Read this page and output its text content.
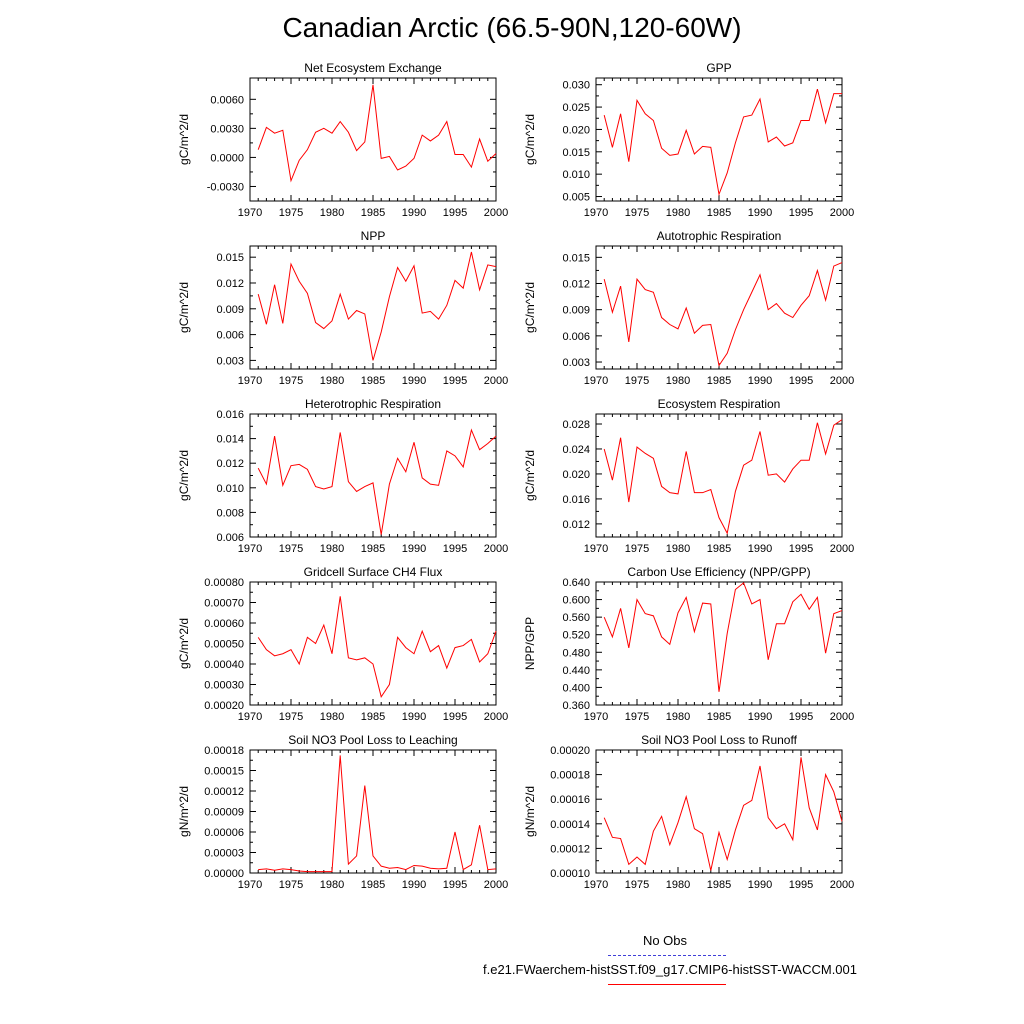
Canadian Arctic (66.5-90N,120-60W)
Net Ecosystem Exchange
gC/m^2/d
1970 1975 1980 1985 1990 1995 2000
-0.0030
0.0000
0.0030
0.0060
GPP
gC/m^2/d
1970 1975 1980 1985 1990 1995 2000
0.005
0.010
0.015
0.020
0.025
0.030
NPP
gC/m^2/d
1970 1975 1980 1985 1990 1995 2000
0.003
0.006
0.009
0.012
0.015
Autotrophic Respiration
gC/m^2/d
1970 1975 1980 1985 1990 1995 2000
0.003
0.006
0.009
0.012
0.015
Heterotrophic Respiration
gC/m^2/d
1970 1975 1980 1985 1990 1995 2000
0.006
0.008
0.010
0.012
0.014
0.016
Ecosystem Respiration
gC/m^2/d
1970 1975 1980 1985 1990 1995 2000
0.012
0.016
0.020
0.024
0.028
Gridcell Surface CH4 Flux
gC/m^2/d
1970 1975 1980 1985 1990 1995 2000
0.00020
0.00030
0.00040
0.00050
0.00060
0.00070
0.00080
Carbon Use Efficiency (NPP/GPP)
NPP/GPP
1970 1975 1980 1985 1990 1995 2000
0.360
0.400
0.440
0.480
0.520
0.560
0.600
0.640
Soil NO3 Pool Loss to Leaching
gN/m^2/d
1970 1975 1980 1985 1990 1995 2000
0.00000
0.00003
0.00006
0.00009
0.00012
0.00015
0.00018
Soil NO3 Pool Loss to Runoff
gN/m^2/d
1970 1975 1980 1985 1990 1995 2000
0.00010
0.00012
0.00014
0.00016
0.00018
0.00020
No Obs
f.e21.FWaerchem-histSST.f09_g17.CMIP6-histSST-WACCM.001
